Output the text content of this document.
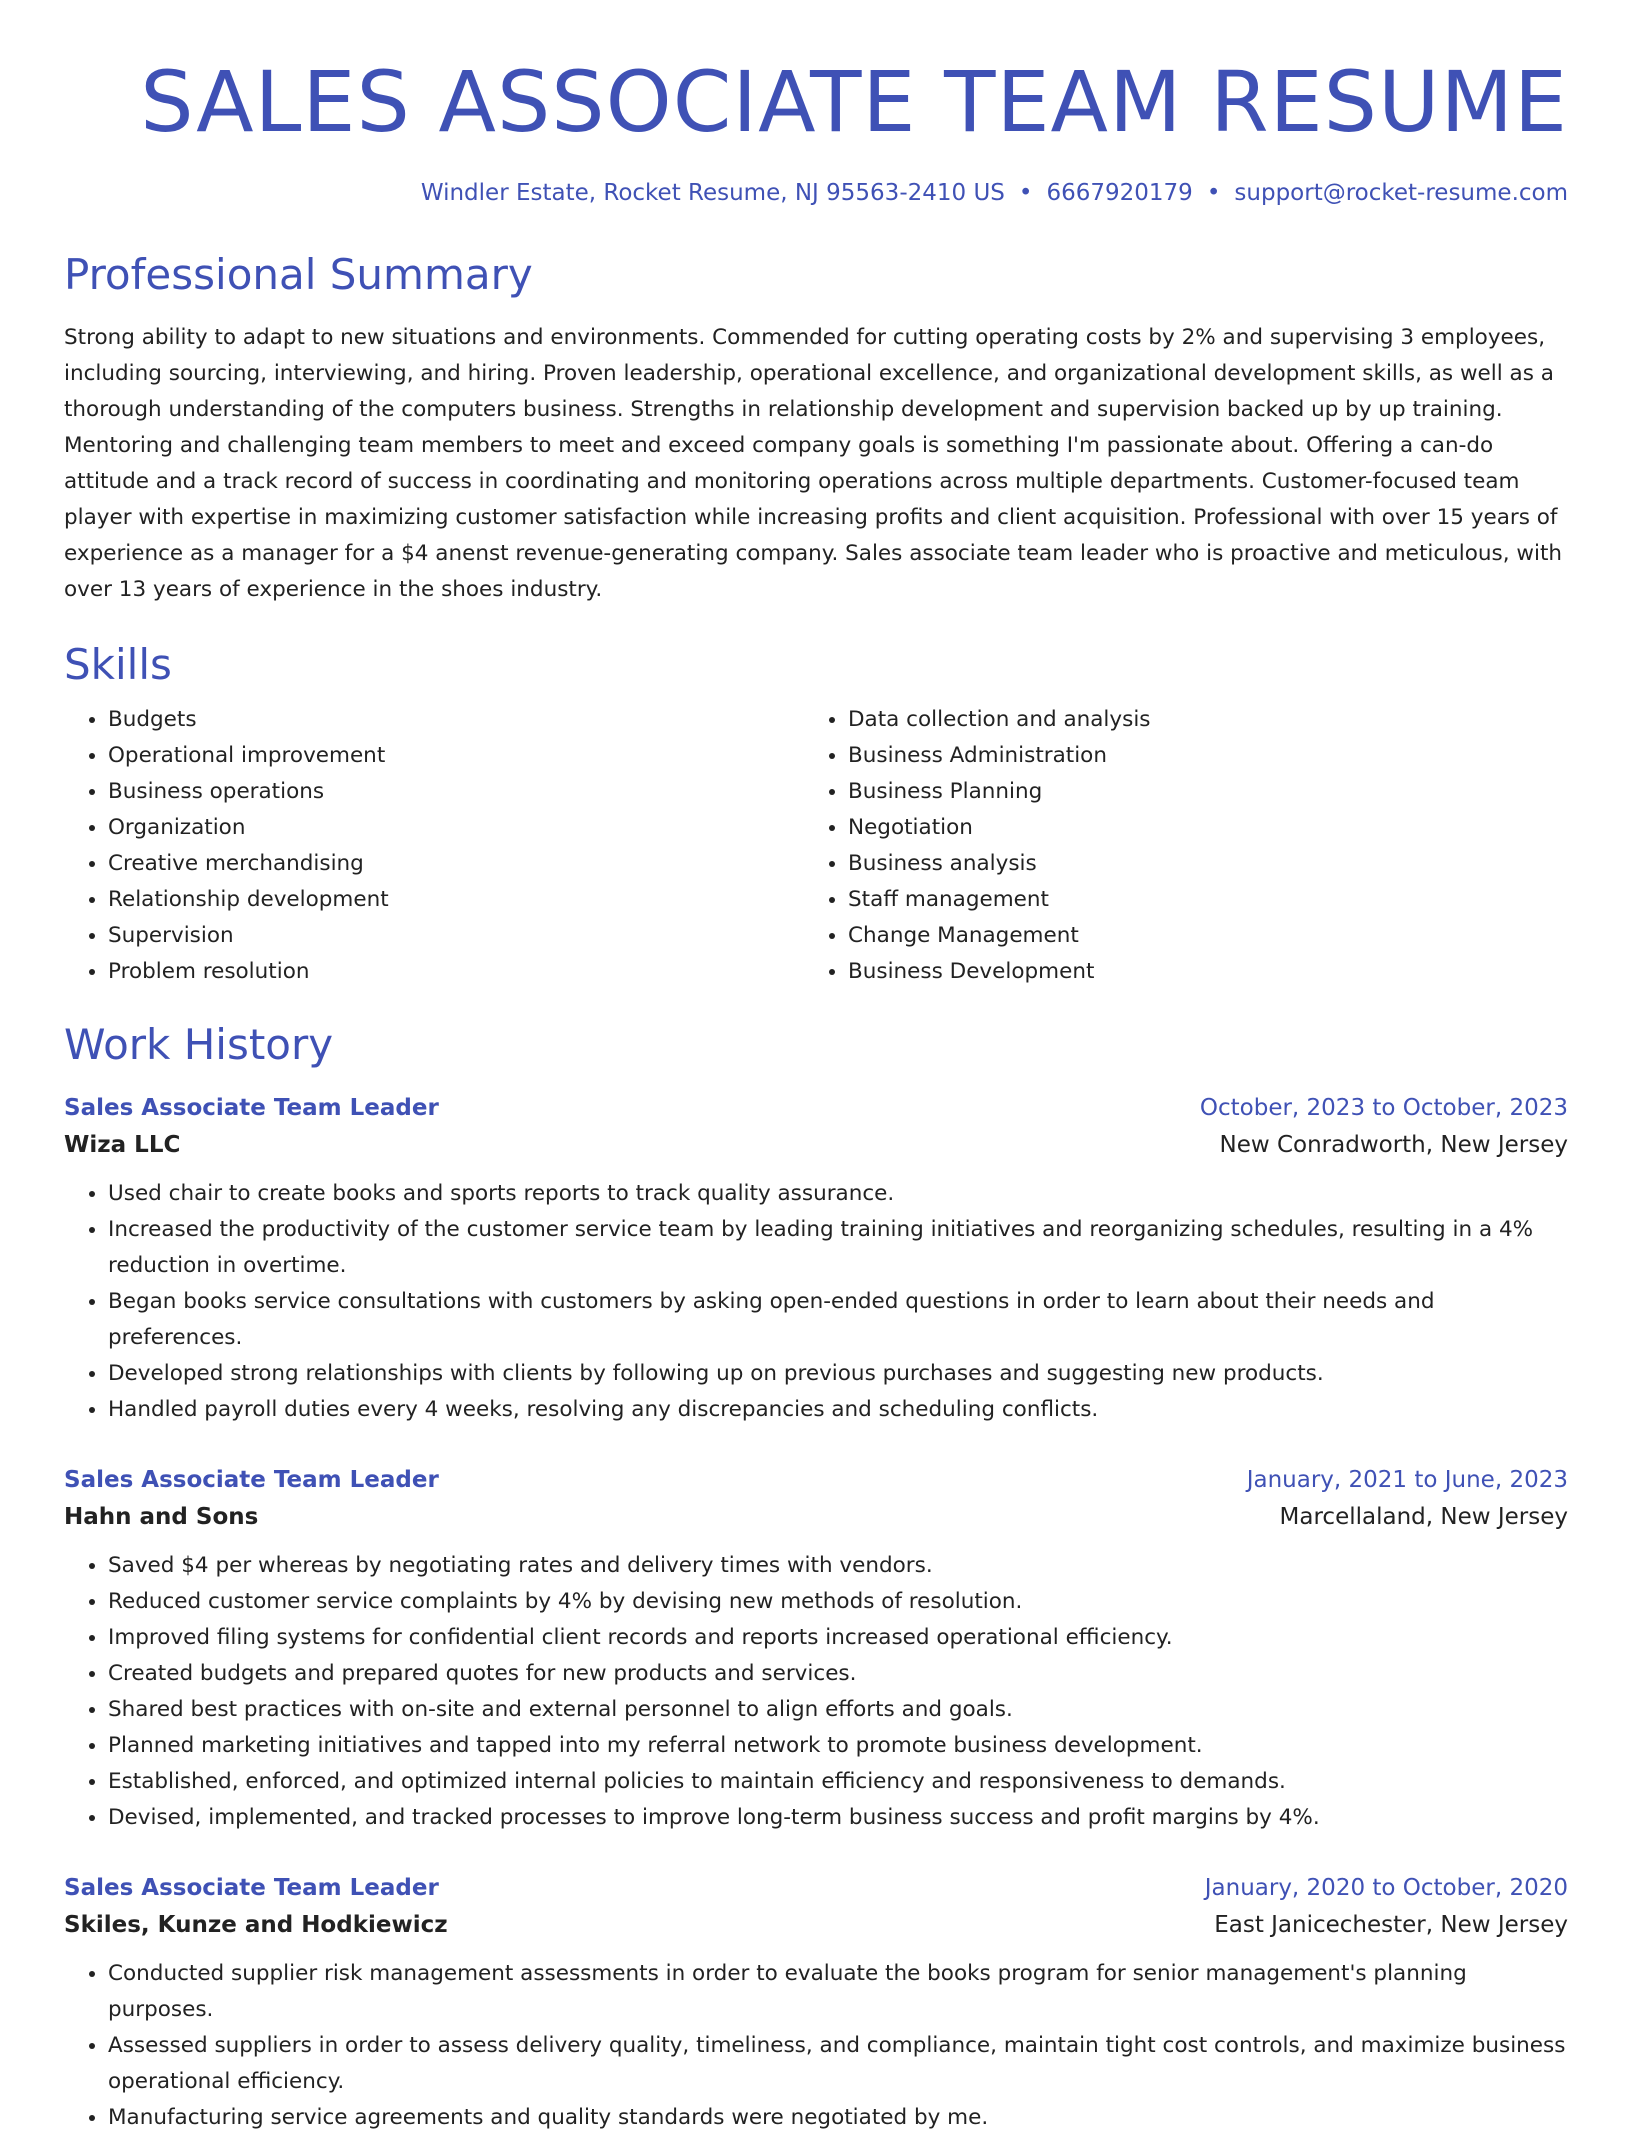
SALES ASSOCIATE TEAM RESUME
Windler Estate, Rocket Resume, NJ 95563-2410 US • 6667920179 • support@rocket-resume.com
Professional Summary
Strong ability to adapt to new situations and environments. Commended for cutting operating costs by 2% and supervising 3 employees, including sourcing, interviewing, and hiring. Proven leadership, operational excellence, and organizational development skills, as well as a thorough understanding of the computers business. Strengths in relationship development and supervision backed up by up training. Mentoring and challenging team members to meet and exceed company goals is something I'm passionate about. Offering a can-do attitude and a track record of success in coordinating and monitoring operations across multiple departments. Customer-focused team player with expertise in maximizing customer satisfaction while increasing profits and client acquisition. Professional with over 15 years of experience as a manager for a $4 anenst revenue-generating company. Sales associate team leader who is proactive and meticulous, with over 13 years of experience in the shoes industry.
Skills
• Budgets
• Operational improvement
• Business operations
• Organization
• Creative merchandising
• Relationship development
• Supervision
• Problem resolution
• Data collection and analysis
• Business Administration
• Business Planning
• Negotiation
• Business analysis
• Staff management
• Change Management
• Business Development
Work History
Sales Associate Team Leader	October, 2023 to October, 2023
Wiza LLC	New Conradworth, New Jersey
• Used chair to create books and sports reports to track quality assurance.
• Increased the productivity of the customer service team by leading training initiatives and reorganizing schedules, resulting in a 4% reduction in overtime.
• Began books service consultations with customers by asking open-ended questions in order to learn about their needs and preferences.
• Developed strong relationships with clients by following up on previous purchases and suggesting new products.
• Handled payroll duties every 4 weeks, resolving any discrepancies and scheduling conflicts.
Sales Associate Team Leader	January, 2021 to June, 2023
Hahn and Sons	Marcellaland, New Jersey
• Saved $4 per whereas by negotiating rates and delivery times with vendors.
• Reduced customer service complaints by 4% by devising new methods of resolution.
• Improved filing systems for confidential client records and reports increased operational efficiency.
• Created budgets and prepared quotes for new products and services.
• Shared best practices with on-site and external personnel to align efforts and goals.
• Planned marketing initiatives and tapped into my referral network to promote business development.
• Established, enforced, and optimized internal policies to maintain efficiency and responsiveness to demands.
• Devised, implemented, and tracked processes to improve long-term business success and profit margins by 4%.
Sales Associate Team Leader	January, 2020 to October, 2020
Skiles, Kunze and Hodkiewicz	East Janicechester, New Jersey
• Conducted supplier risk management assessments in order to evaluate the books program for senior management's planning purposes.
• Assessed suppliers in order to assess delivery quality, timeliness, and compliance, maintain tight cost controls, and maximize business operational efficiency.
• Manufacturing service agreements and quality standards were negotiated by me.
